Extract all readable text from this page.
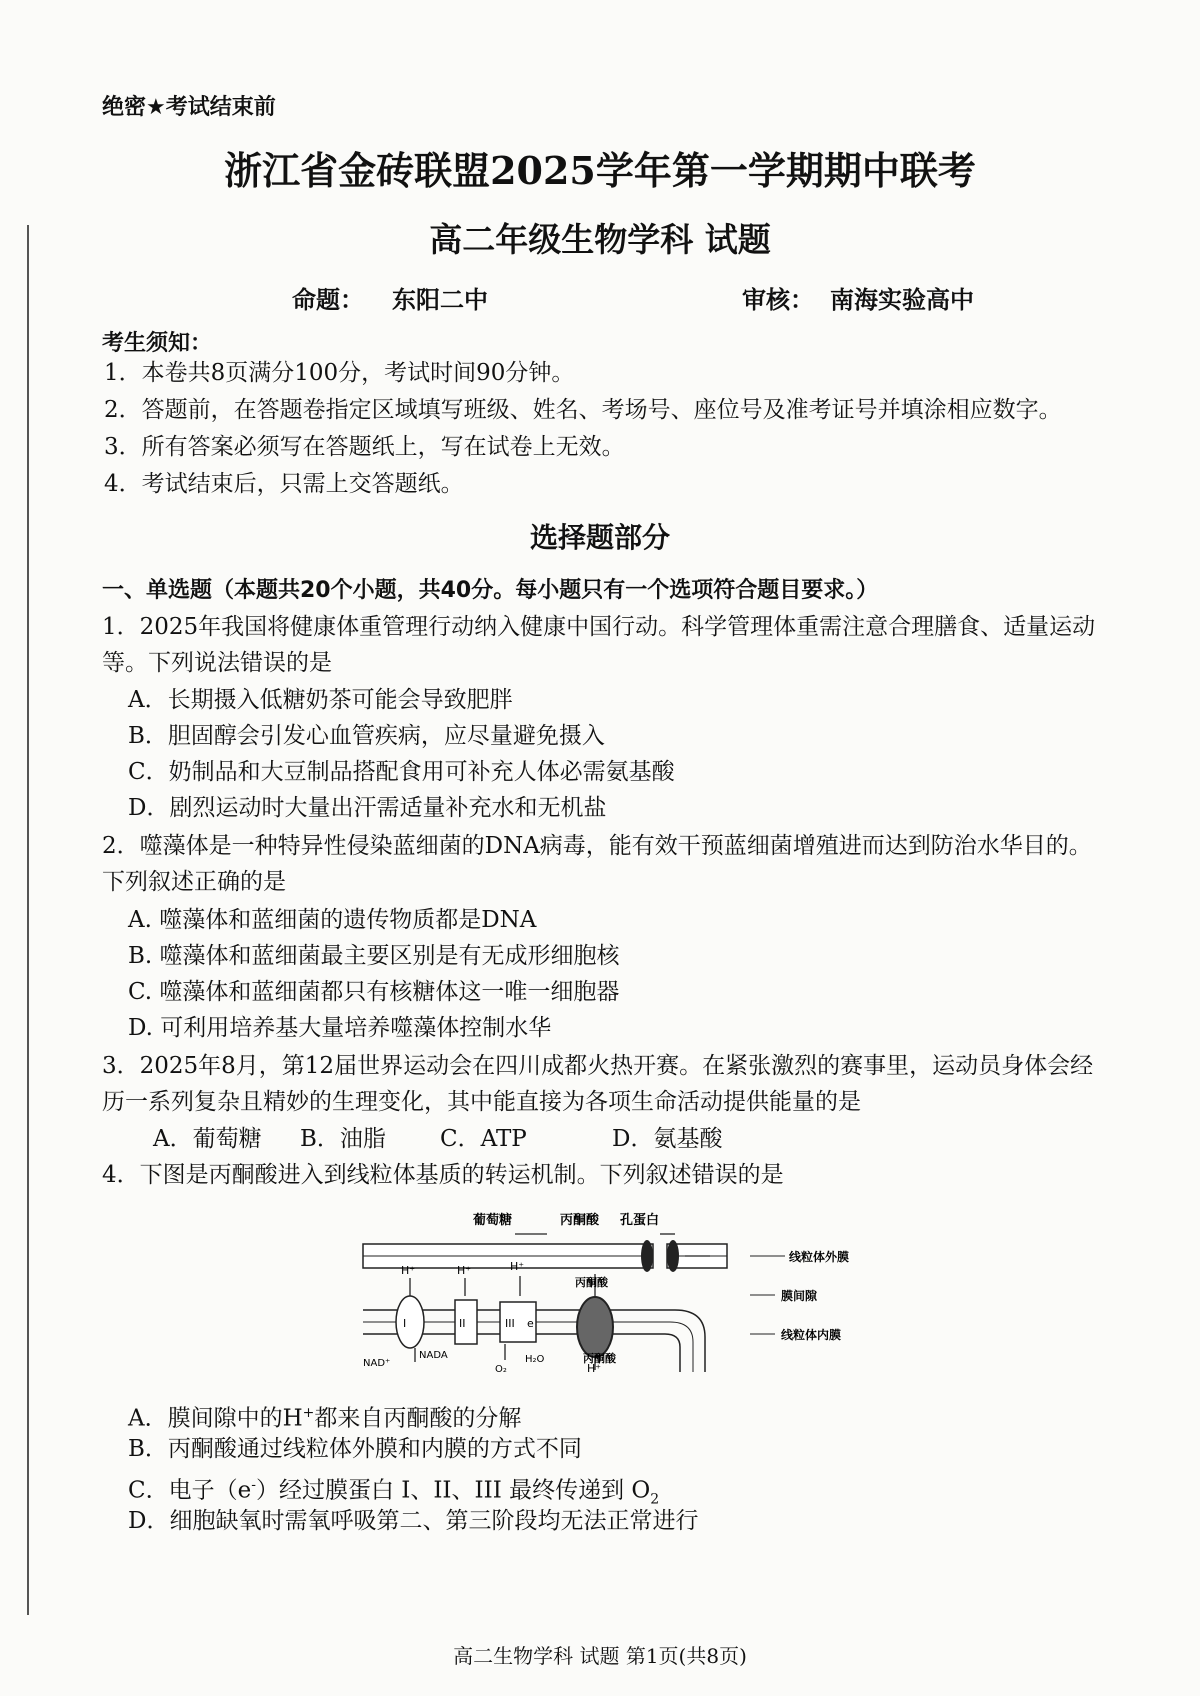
绝密★考试结束前
浙江省金砖联盟2025学年第一学期期中联考
高二年级生物学科 试题
命题： 东阳二中	审核： 南海实验高中
考生须知：
1．本卷共8页满分100分，考试时间90分钟。
2．答题前，在答题卷指定区域填写班级、姓名、考场号、座位号及准考证号并填涂相应数字。
3．所有答案必须写在答题纸上，写在试卷上无效。
4．考试结束后，只需上交答题纸。
选择题部分
一、单选题（本题共20个小题，共40分。每小题只有一个选项符合题目要求。）
1．2025年我国将健康体重管理行动纳入健康中国行动。科学管理体重需注意合理膳食、适量运动
等。下列说法错误的是
A．长期摄入低糖奶茶可能会导致肥胖
B．胆固醇会引发心血管疾病，应尽量避免摄入
C．奶制品和大豆制品搭配食用可补充人体必需氨基酸
D．剧烈运动时大量出汗需适量补充水和无机盐
2．噬藻体是一种特异性侵染蓝细菌的DNA病毒，能有效干预蓝细菌增殖进而达到防治水华目的。
下列叙述正确的是
A. 噬藻体和蓝细菌的遗传物质都是DNA
B. 噬藻体和蓝细菌最主要区别是有无成形细胞核
C. 噬藻体和蓝细菌都只有核糖体这一唯一细胞器
D. 可利用培养基大量培养噬藻体控制水华
3．2025年8月，第12届世界运动会在四川成都火热开赛。在紧张激烈的赛事里，运动员身体会经
历一系列复杂且精妙的生理变化，其中能直接为各项生命活动提供能量的是
A．葡萄糖 B．油脂 C．ATP	D．氨基酸
4．下图是丙酮酸进入到线粒体基质的转运机制。下列叙述错误的是
葡萄糖	丙酮酸 孔蛋白
线粒体外膜
膜间隙
线粒体内膜
丙酮酸
丙酮酸
H⁺	H⁺	H⁺
H⁺
I	II	III e
NAD⁺
NADA
O₂
H₂O
A．膜间隙中的H+都来自丙酮酸的分解
B．丙酮酸通过线粒体外膜和内膜的方式不同
C．电子（e-）经过膜蛋白 I、II、III 最终传递到 $O_2$
D．细胞缺氧时需氧呼吸第二、第三阶段均无法正常进行
高二生物学科 试题 第1页(共8页)
